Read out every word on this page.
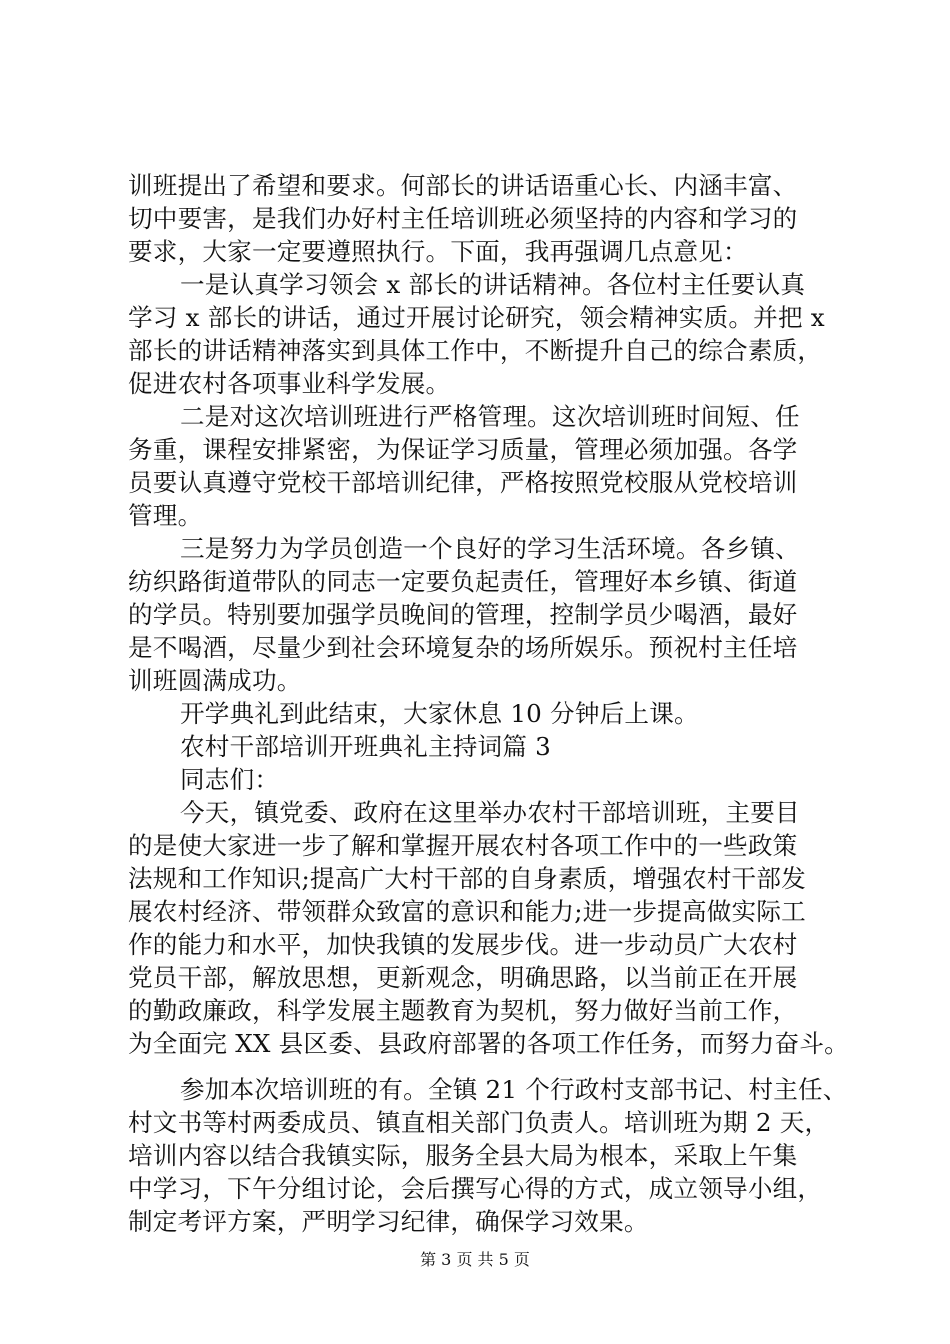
训班提出了希望和要求。何部长的讲话语重心长、内涵丰富、
切中要害，是我们办好村主任培训班必须坚持的内容和学习的
要求，大家一定要遵照执行。下面，我再强调几点意见：
一是认真学习领会 x 部长的讲话精神。各位村主任要认真
学习 x 部长的讲话，通过开展讨论研究，领会精神实质。并把 x
部长的讲话精神落实到具体工作中，不断提升自己的综合素质，
促进农村各项事业科学发展。
二是对这次培训班进行严格管理。这次培训班时间短、任
务重，课程安排紧密，为保证学习质量，管理必须加强。各学
员要认真遵守党校干部培训纪律，严格按照党校服从党校培训
管理。
三是努力为学员创造一个良好的学习生活环境。各乡镇、
纺织路街道带队的同志一定要负起责任，管理好本乡镇、街道
的学员。特别要加强学员晚间的管理，控制学员少喝酒，最好
是不喝酒，尽量少到社会环境复杂的场所娱乐。预祝村主任培
训班圆满成功。
开学典礼到此结束，大家休息 10 分钟后上课。
农村干部培训开班典礼主持词篇 3
同志们：
今天，镇党委、政府在这里举办农村干部培训班，主要目
的是使大家进一步了解和掌握开展农村各项工作中的一些政策
法规和工作知识;提高广大村干部的自身素质，增强农村干部发
展农村经济、带领群众致富的意识和能力;进一步提高做实际工
作的能力和水平，加快我镇的发展步伐。进一步动员广大农村
党员干部，解放思想，更新观念，明确思路，以当前正在开展
的勤政廉政，科学发展主题教育为契机，努力做好当前工作，
为全面完 XX 县区委、县政府部署的各项工作任务，而努力奋斗。
参加本次培训班的有。全镇 21 个行政村支部书记、村主任、
村文书等村两委成员、镇直相关部门负责人。培训班为期 2 天，
培训内容以结合我镇实际，服务全县大局为根本，采取上午集
中学习，下午分组讨论，会后撰写心得的方式，成立领导小组，
制定考评方案，严明学习纪律，确保学习效果。
第 3 页 共 5 页
